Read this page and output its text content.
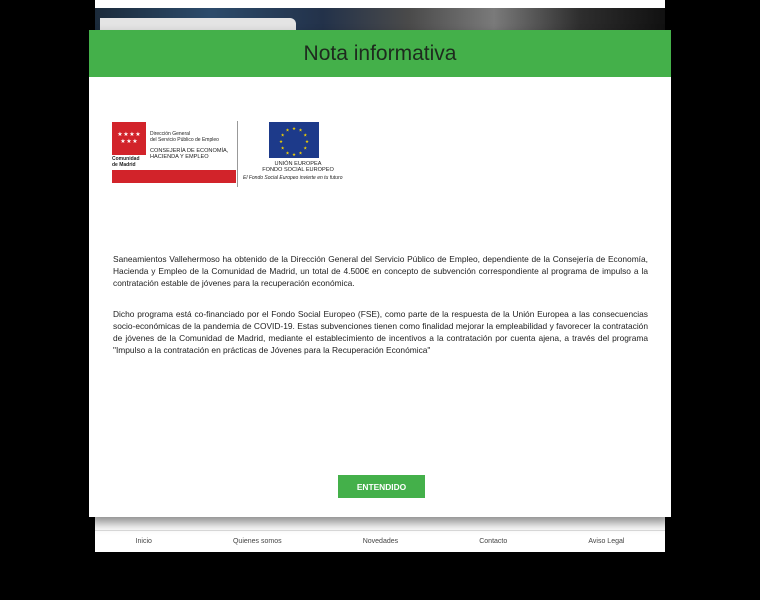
Inicio	Quienes somos	Novedades	Contacto	Aviso Legal
Nota informativa
★ ★ ★ ★
★ ★ ★
Comunidad
de Madrid
Dirección General
del Servicio Público de Empleo
CONSEJERÍA DE ECONOMÍA,
HACIENDA Y EMPLEO
★ ★
★
★
★
★
★
★
★
★
★
★
UNIÓN EUROPEA
FONDO SOCIAL EUROPEO
El Fondo Social Europeo invierte en tu futuro

Saneamientos Vallehermoso ha obtenido de la Dirección General del Servicio Público de Empleo, dependiente de la Consejería de Economía, Hacienda y Empleo de la Comunidad de Madrid, un total de 4.500€ en concepto de subvención correspondiente al programa de impulso a la contratación estable de jóvenes para la recuperación económica.

Dicho programa está co-financiado por el Fondo Social Europeo (FSE), como parte de la respuesta de la Unión Europea a las consecuencias socio-económicas de la pandemia de COVID-19. Estas subvenciones tienen como finalidad mejorar la empleabilidad y favorecer la contratación de jóvenes de la Comunidad de Madrid, mediante el establecimiento de incentivos a la contratación por cuenta ajena, a través del programa "Impulso a la contratación en prácticas de Jóvenes para la Recuperación Económica"

ENTENDIDO
